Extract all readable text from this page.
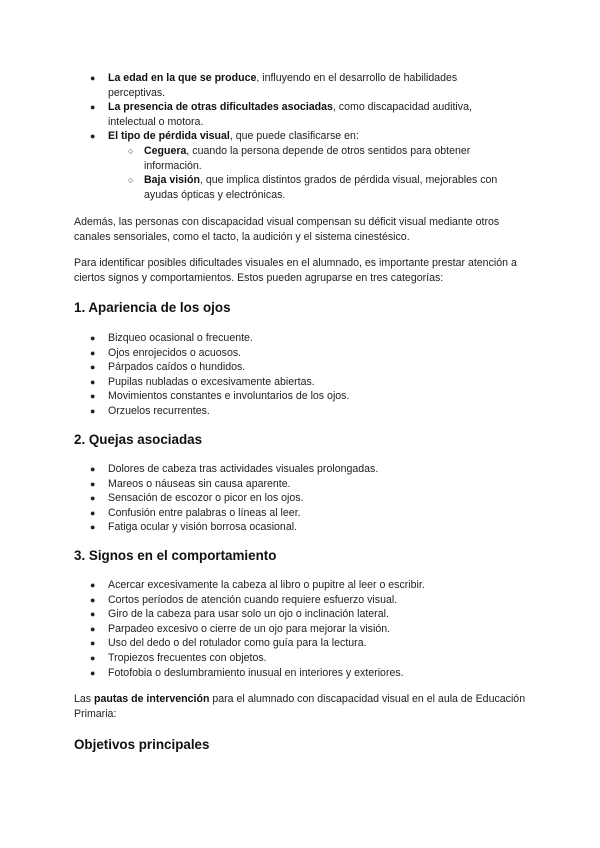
● La edad en la que se produce, influyendo en el desarrollo de habilidades perceptivas.
● La presencia de otras dificultades asociadas, como discapacidad auditiva, intelectual o motora.
● El tipo de pérdida visual, que puede clasificarse en:
○ Ceguera, cuando la persona depende de otros sentidos para obtener información.
○ Baja visión, que implica distintos grados de pérdida visual, mejorables con ayudas ópticas y electrónicas.

Además, las personas con discapacidad visual compensan su déficit visual mediante otros canales sensoriales, como el tacto, la audición y el sistema cinestésico.

Para identificar posibles dificultades visuales en el alumnado, es importante prestar atención a ciertos signos y comportamientos. Estos pueden agruparse en tres categorías:

1. Apariencia de los ojos
● Bizqueo ocasional o frecuente.
● Ojos enrojecidos o acuosos.
● Párpados caídos o hundidos.
● Pupilas nubladas o excesivamente abiertas.
● Movimientos constantes e involuntarios de los ojos.
● Orzuelos recurrentes.
2. Quejas asociadas
● Dolores de cabeza tras actividades visuales prolongadas.
● Mareos o náuseas sin causa aparente.
● Sensación de escozor o picor en los ojos.
● Confusión entre palabras o líneas al leer.
● Fatiga ocular y visión borrosa ocasional.
3. Signos en el comportamiento
● Acercar excesivamente la cabeza al libro o pupitre al leer o escribir.
● Cortos períodos de atención cuando requiere esfuerzo visual.
● Giro de la cabeza para usar solo un ojo o inclinación lateral.
● Parpadeo excesivo o cierre de un ojo para mejorar la visión.
● Uso del dedo o del rotulador como guía para la lectura.
● Tropiezos frecuentes con objetos.
● Fotofobia o deslumbramiento inusual en interiores y exteriores.

Las pautas de intervención para el alumnado con discapacidad visual en el aula de Educación Primaria:

Objetivos principales
